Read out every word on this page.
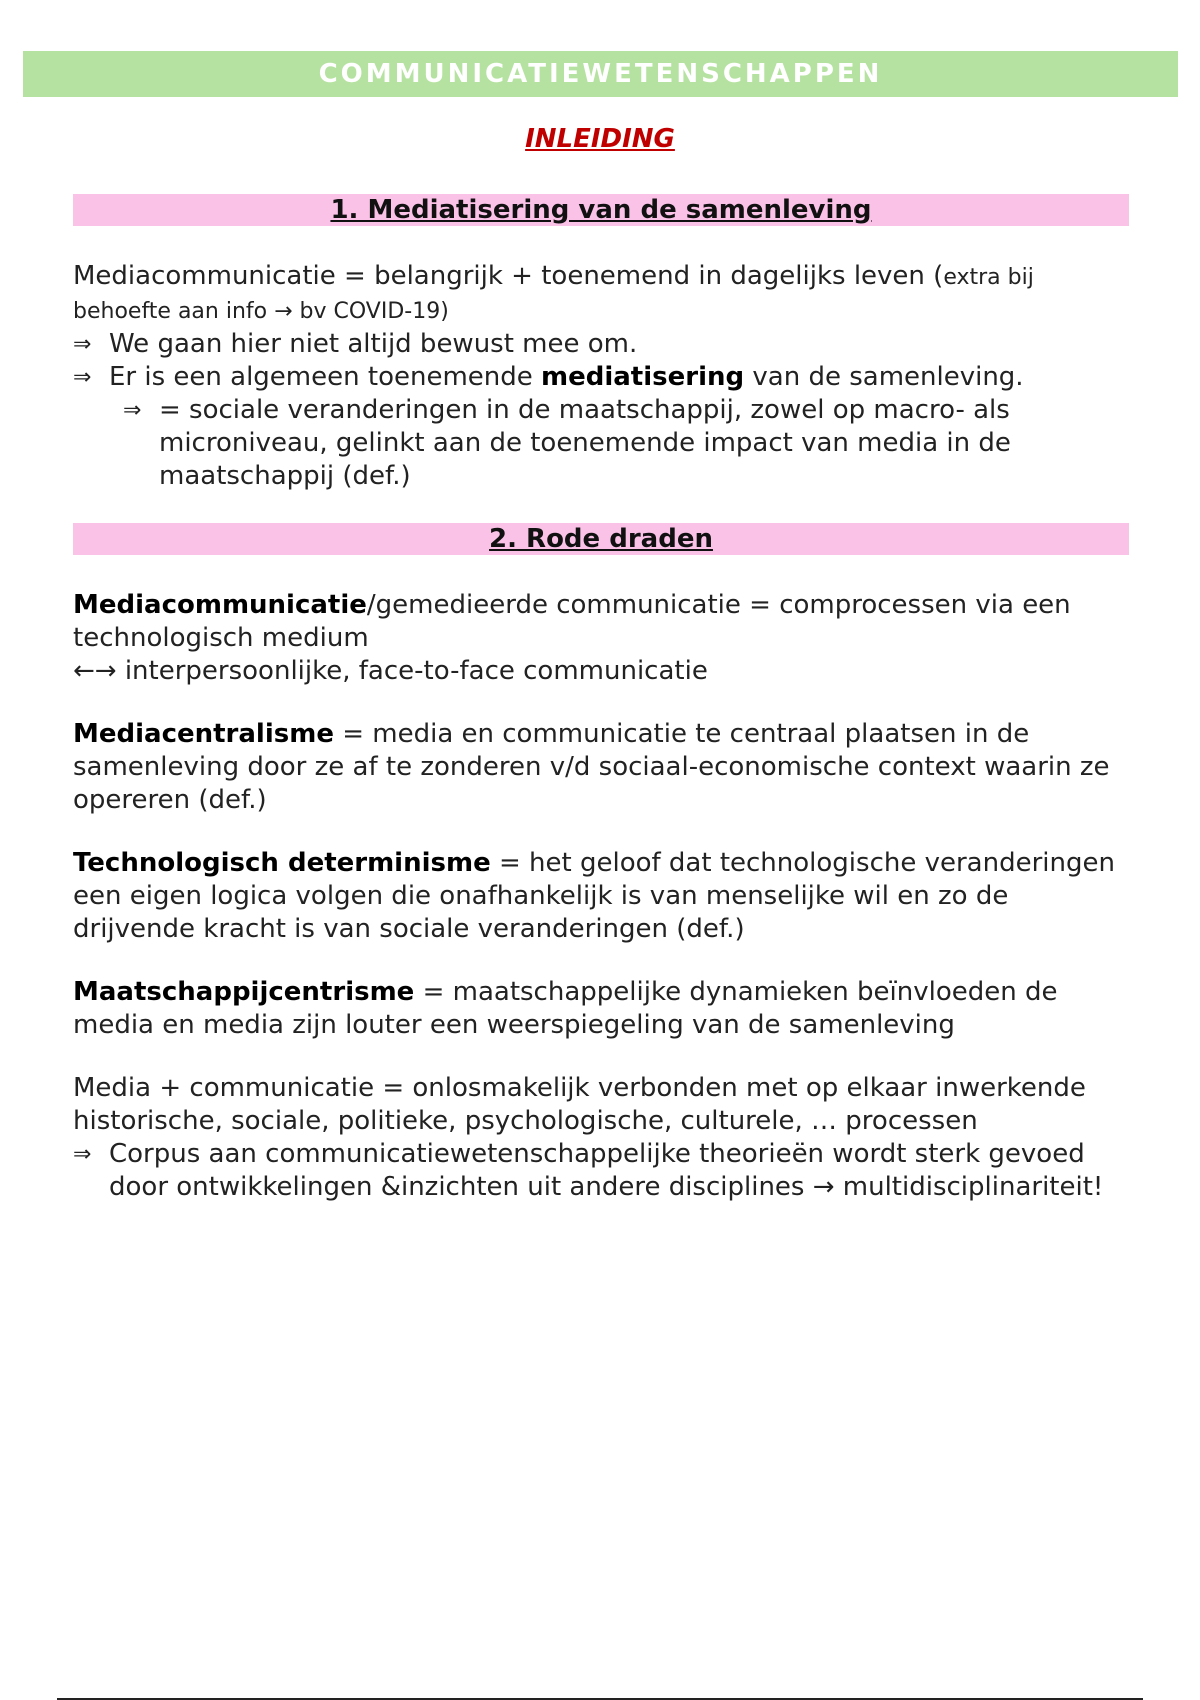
COMMUNICATIEWETENSCHAPPEN
INLEIDING
1. Mediatisering van de samenleving

Mediacommunicatie = belangrijk + toenemend in dagelijks leven (extra bij behoefte aan info → bv COVID-19)

⇒ We gaan hier niet altijd bewust mee om.
⇒ Er is een algemeen toenemende mediatisering van de samenleving.
⇒ = sociale veranderingen in de maatschappij, zowel op macro- als microniveau, gelinkt aan de toenemende impact van media in de maatschappij (def.)
2. Rode draden

Mediacommunicatie/gemedieerde communicatie = comprocessen via een technologisch medium

←→ interpersoonlijke, face-to-face communicatie

Mediacentralisme = media en communicatie te centraal plaatsen in de samenleving door ze af te zonderen v/d sociaal-economische context waarin ze opereren (def.)

Technologisch determinisme = het geloof dat technologische veranderingen een eigen logica volgen die onafhankelijk is van menselijke wil en zo de drijvende kracht is van sociale veranderingen (def.)

Maatschappijcentrisme = maatschappelijke dynamieken beïnvloeden de media en media zijn louter een weerspiegeling van de samenleving

Media + communicatie = onlosmakelijk verbonden met op elkaar inwerkende historische, sociale, politieke, psychologische, culturele, … processen

⇒ Corpus aan communicatiewetenschappelijke theorieën wordt sterk gevoed door ontwikkelingen &inzichten uit andere disciplines → multidisciplinariteit!
